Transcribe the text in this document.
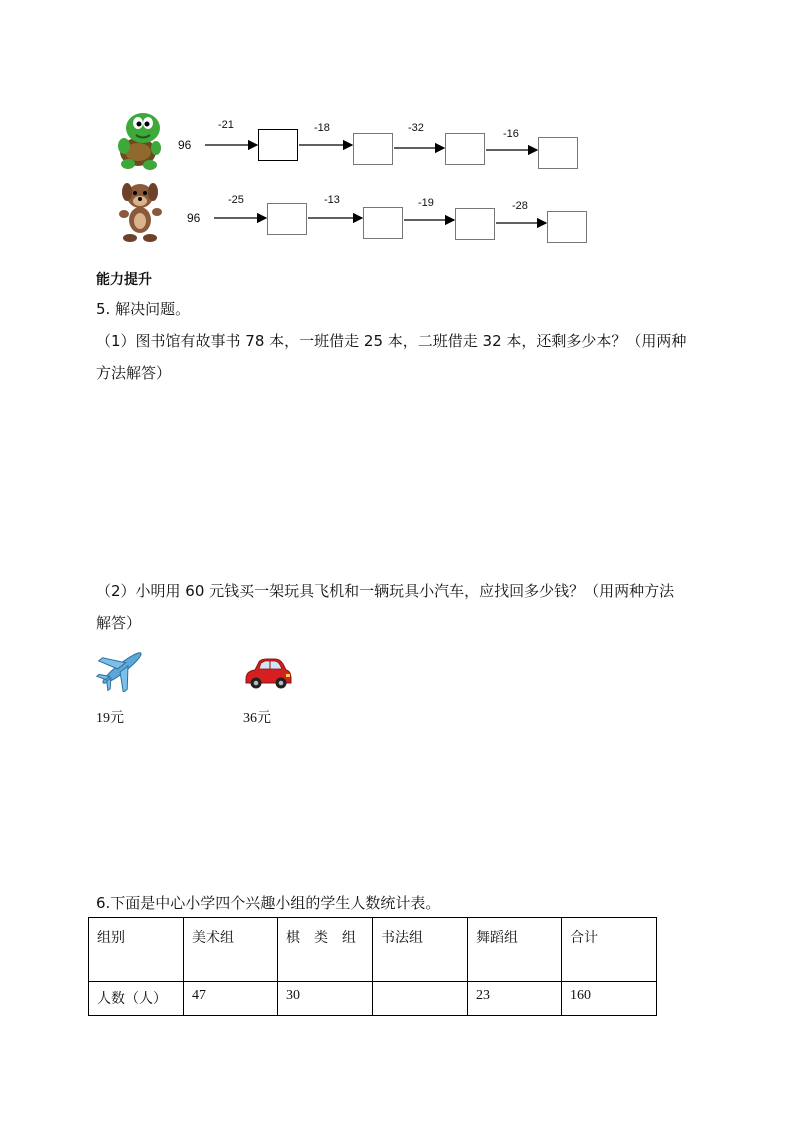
96
-21	-18	-32	-16
96
-25	-13	-19	-28
能力提升
5. 解决问题。
（1）图书馆有故事书 78 本，一班借走 25 本，二班借走 32 本，还剩多少本？（用两种
方法解答）
（2）小明用 60 元钱买一架玩具飞机和一辆玩具小汽车，应找回多少钱？（用两种方法
解答）
19元	36元
6.下面是中心小学四个兴趣小组的学生人数统计表。
组别	美术组	棋　类　组	书法组	舞蹈组	合计
人数（人）	47	30		23	160
